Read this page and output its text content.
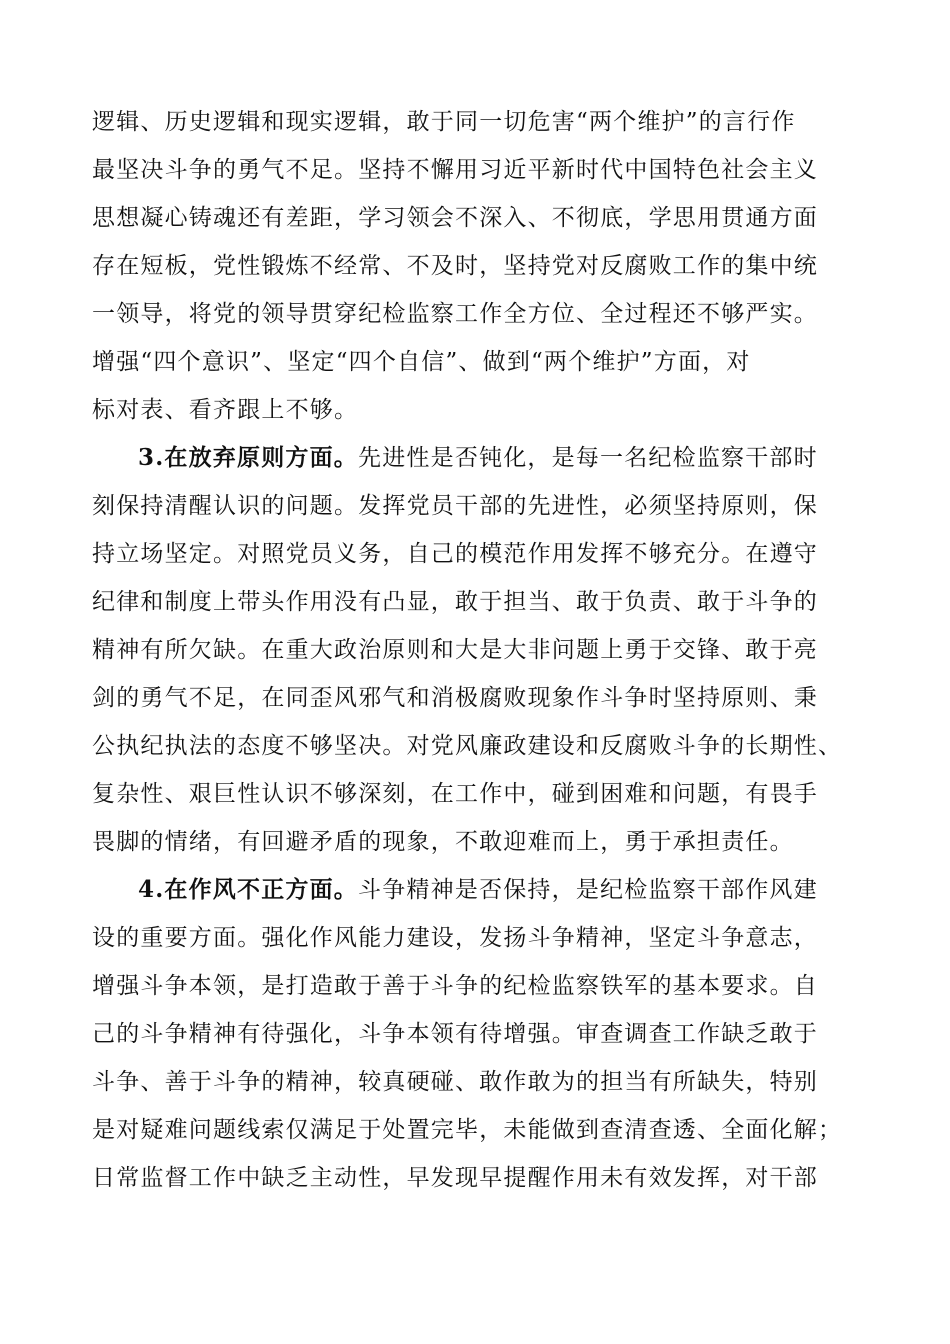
逻辑、历史逻辑和现实逻辑，敢于同一切危害“两个维护”的言行作
最坚决斗争的勇气不足。坚持不懈用习近平新时代中国特色社会主义
思想凝心铸魂还有差距，学习领会不深入、不彻底，学思用贯通方面
存在短板，党性锻炼不经常、不及时，坚持党对反腐败工作的集中统
一领导，将党的领导贯穿纪检监察工作全方位、全过程还不够严实。
增强“四个意识”、坚定“四个自信”、做到“两个维护”方面，对
标对表、看齐跟上不够。
3.在放弃原则方面。先进性是否钝化，是每一名纪检监察干部时
刻保持清醒认识的问题。发挥党员干部的先进性，必须坚持原则，保
持立场坚定。对照党员义务，自己的模范作用发挥不够充分。在遵守
纪律和制度上带头作用没有凸显，敢于担当、敢于负责、敢于斗争的
精神有所欠缺。在重大政治原则和大是大非问题上勇于交锋、敢于亮
剑的勇气不足，在同歪风邪气和消极腐败现象作斗争时坚持原则、秉
公执纪执法的态度不够坚决。对党风廉政建设和反腐败斗争的长期性、
复杂性、艰巨性认识不够深刻，在工作中，碰到困难和问题，有畏手
畏脚的情绪，有回避矛盾的现象，不敢迎难而上，勇于承担责任。
4.在作风不正方面。斗争精神是否保持，是纪检监察干部作风建
设的重要方面。强化作风能力建设，发扬斗争精神，坚定斗争意志，
增强斗争本领，是打造敢于善于斗争的纪检监察铁军的基本要求。自
己的斗争精神有待强化，斗争本领有待增强。审查调查工作缺乏敢于
斗争、善于斗争的精神，较真硬碰、敢作敢为的担当有所缺失，特别
是对疑难问题线索仅满足于处置完毕，未能做到查清查透、全面化解；
日常监督工作中缺乏主动性，早发现早提醒作用未有效发挥，对干部
